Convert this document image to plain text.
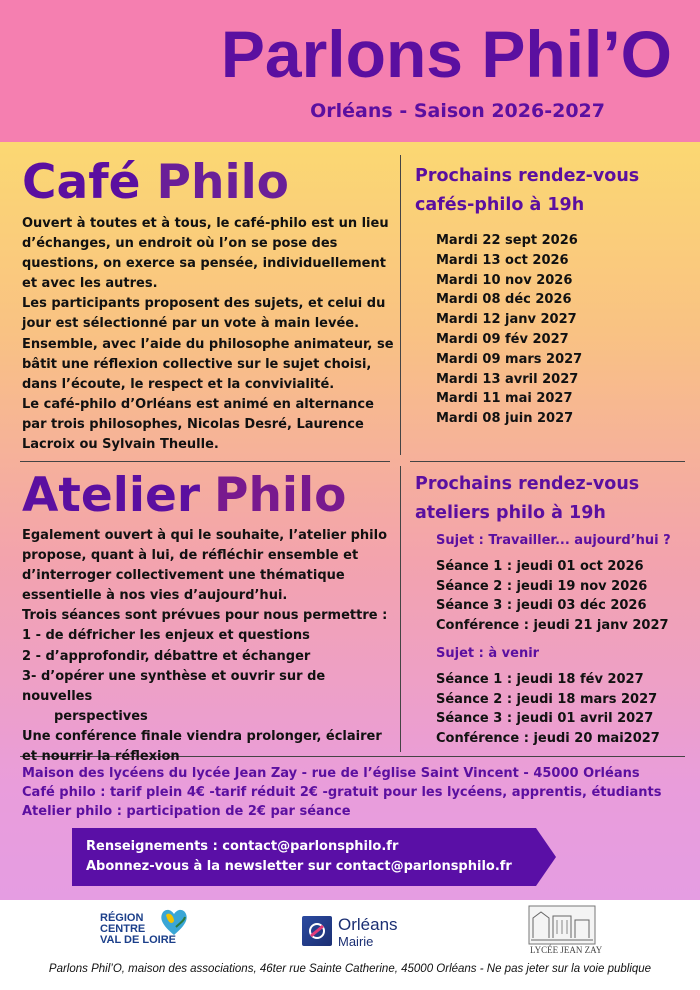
Parlons Phil’O
Orléans - Saison 2026-2027
Café Philo

Ouvert à toutes et à tous, le café-philo est un lieu d’échanges, un endroit où l’on se pose des questions, on exerce sa pensée, individuellement et avec les autres.

Les participants proposent des sujets, et celui du jour est sélectionné par un vote à main levée.

Ensemble, avec l’aide du philosophe animateur, se bâtit une réflexion collective sur le sujet choisi, dans l’écoute, le respect et la convivialité.

Le café-philo d’Orléans est animé en alternance par trois philosophes, Nicolas Desré, Laurence Lacroix ou Sylvain Theulle.

Prochains rendez-vous
cafés-philo à 19h
Mardi 22 sept 2026
Mardi 13 oct 2026
Mardi 10 nov 2026
Mardi 08 déc 2026
Mardi 12 janv 2027
Mardi 09 fév 2027
Mardi 09 mars 2027
Mardi 13 avril 2027
Mardi 11 mai 2027
Mardi 08 juin 2027
Atelier Philo

Egalement ouvert à qui le souhaite, l’atelier philo propose, quant à lui, de réfléchir ensemble et d’interroger collectivement une thématique essentielle à nos vies d’aujourd’hui.

Trois séances sont prévues pour nous permettre :

1 - de défricher les enjeux et questions

2 - d’approfondir, débattre et échanger

3- d’opérer une synthèse et ouvrir sur de nouvelles

perspectives

Une conférence finale viendra prolonger, éclairer et nourrir la réflexion

Prochains rendez-vous
ateliers philo à 19h
Sujet : Travailler... aujourd’hui ?
Séance 1 : jeudi 01 oct 2026
Séance 2 : jeudi 19 nov 2026
Séance 3 : jeudi 03 déc 2026
Conférence : jeudi 21 janv 2027
Sujet : à venir
Séance 1 : jeudi 18 fév 2027
Séance 2 : jeudi 18 mars 2027
Séance 3 : jeudi 01 avril 2027
Conférence : jeudi 20 mai2027
Maison des lycéens du lycée Jean Zay - rue de l’église Saint Vincent - 45000 Orléans
Café philo : tarif plein 4€ -tarif réduit 2€ -gratuit pour les lycéens, apprentis, étudiants
Atelier philo : participation de 2€ par séance
Renseignements : contact@parlonsphilo.fr
Abonnez-vous à la newsletter sur contact@parlonsphilo.fr
RÉGION
CENTRE
VAL DE LOIRE
Orléans
Mairie
LYCÉE JEAN ZAY
Parlons Phil’O, maison des associations, 46ter rue Sainte Catherine, 45000 Orléans - Ne pas jeter sur la voie publique
